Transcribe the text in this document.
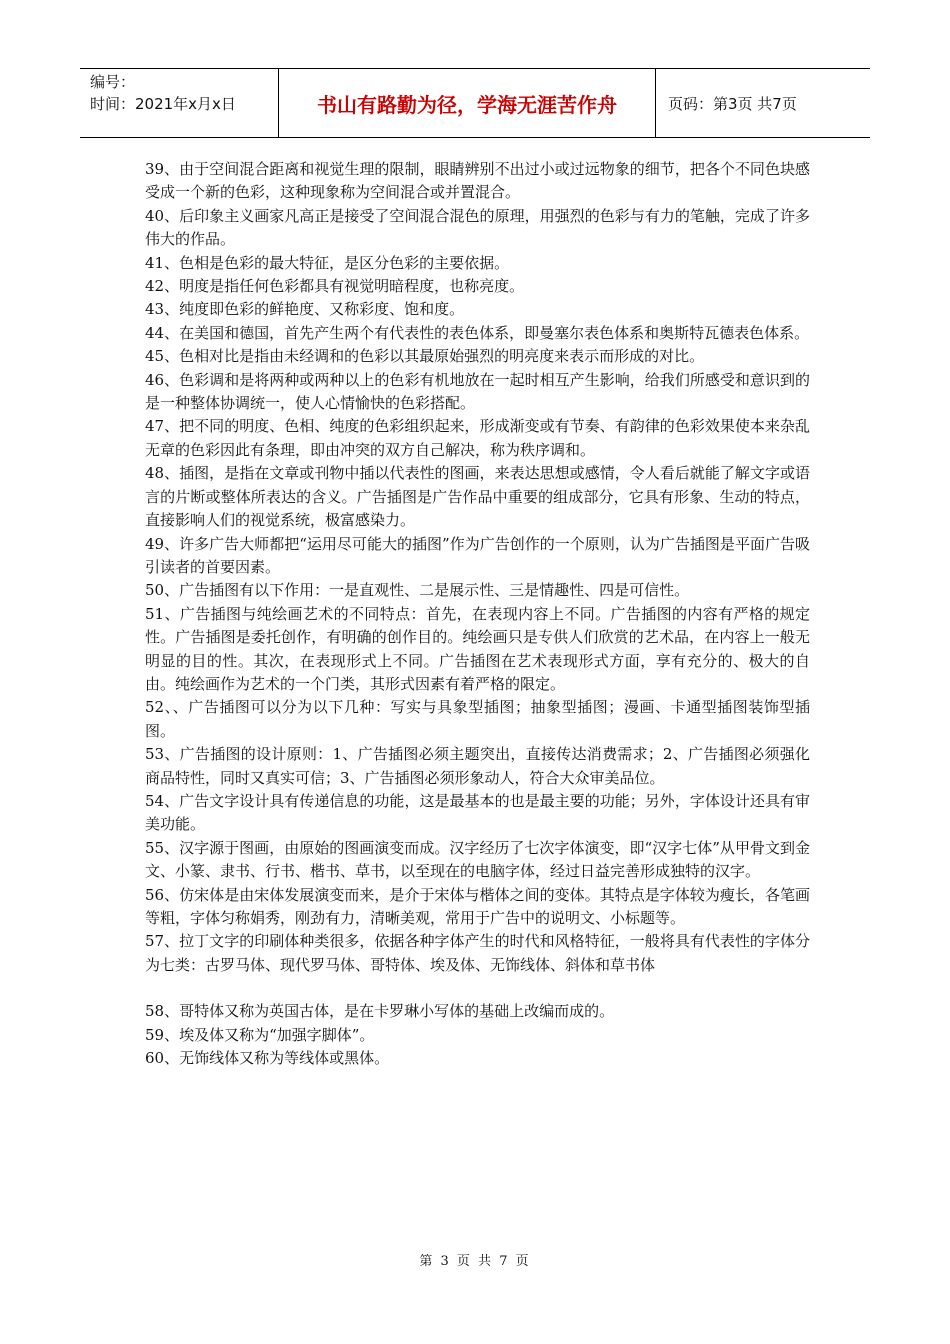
编号：
时间：2021年x月x日	书山有路勤为径，学海无涯苦作舟	页码：第3页 共7页

39、由于空间混合距离和视觉生理的限制，眼睛辨别不出过小或过远物象的细节，把各个不同色块感受成一个新的色彩，这种现象称为空间混合或并置混合。

40、后印象主义画家凡高正是接受了空间混合混色的原理，用强烈的色彩与有力的笔触，完成了许多伟大的作品。

41、色相是色彩的最大特征，是区分色彩的主要依据。

42、明度是指任何色彩都具有视觉明暗程度，也称亮度。

43、纯度即色彩的鲜艳度、又称彩度、饱和度。

44、在美国和德国，首先产生两个有代表性的表色体系，即曼塞尔表色体系和奥斯特瓦德表色体系。

45、色相对比是指由未经调和的色彩以其最原始强烈的明亮度来表示而形成的对比。

46、色彩调和是将两种或两种以上的色彩有机地放在一起时相互产生影响，给我们所感受和意识到的是一种整体协调统一，使人心情愉快的色彩搭配。

47、把不同的明度、色相、纯度的色彩组织起来，形成渐变或有节奏、有韵律的色彩效果使本来杂乱无章的色彩因此有条理，即由冲突的双方自己解决，称为秩序调和。

48、插图，是指在文章或刊物中插以代表性的图画，来表达思想或感情，令人看后就能了解文字或语言的片断或整体所表达的含义。广告插图是广告作品中重要的组成部分，它具有形象、生动的特点，直接影响人们的视觉系统，极富感染力。

49、许多广告大师都把“运用尽可能大的插图”作为广告创作的一个原则，认为广告插图是平面广告吸引读者的首要因素。

50、广告插图有以下作用：一是直观性、二是展示性、三是情趣性、四是可信性。

51、广告插图与纯绘画艺术的不同特点：首先，在表现内容上不同。广告插图的内容有严格的规定性。广告插图是委托创作，有明确的创作目的。纯绘画只是专供人们欣赏的艺术品，在内容上一般无明显的目的性。其次，在表现形式上不同。广告插图在艺术表现形式方面，享有充分的、极大的自由。纯绘画作为艺术的一个门类，其形式因素有着严格的限定。

52、、广告插图可以分为以下几种：写实与具象型插图；抽象型插图；漫画、卡通型插图装饰型插图。

53、广告插图的设计原则：1、广告插图必须主题突出，直接传达消费需求；2、广告插图必须强化商品特性，同时又真实可信；3、广告插图必须形象动人，符合大众审美品位。

54、广告文字设计具有传递信息的功能，这是最基本的也是最主要的功能；另外，字体设计还具有审美功能。

55、汉字源于图画，由原始的图画演变而成。汉字经历了七次字体演变，即“汉字七体”从甲骨文到金文、小篆、隶书、行书、楷书、草书，以至现在的电脑字体，经过日益完善形成独特的汉字。

56、仿宋体是由宋体发展演变而来，是介于宋体与楷体之间的变体。其特点是字体较为瘦长，各笔画等粗，字体匀称娟秀，刚劲有力，清晰美观，常用于广告中的说明文、小标题等。

57、拉丁文字的印刷体种类很多，依据各种字体产生的时代和风格特征，一般将具有代表性的字体分为七类：古罗马体、现代罗马体、哥特体、埃及体、无饰线体、斜体和草书体

58、哥特体又称为英国古体，是在卡罗琳小写体的基础上改编而成的。

59、埃及体又称为“加强字脚体”。

60、无饰线体又称为等线体或黑体。

第 3 页 共 7 页
